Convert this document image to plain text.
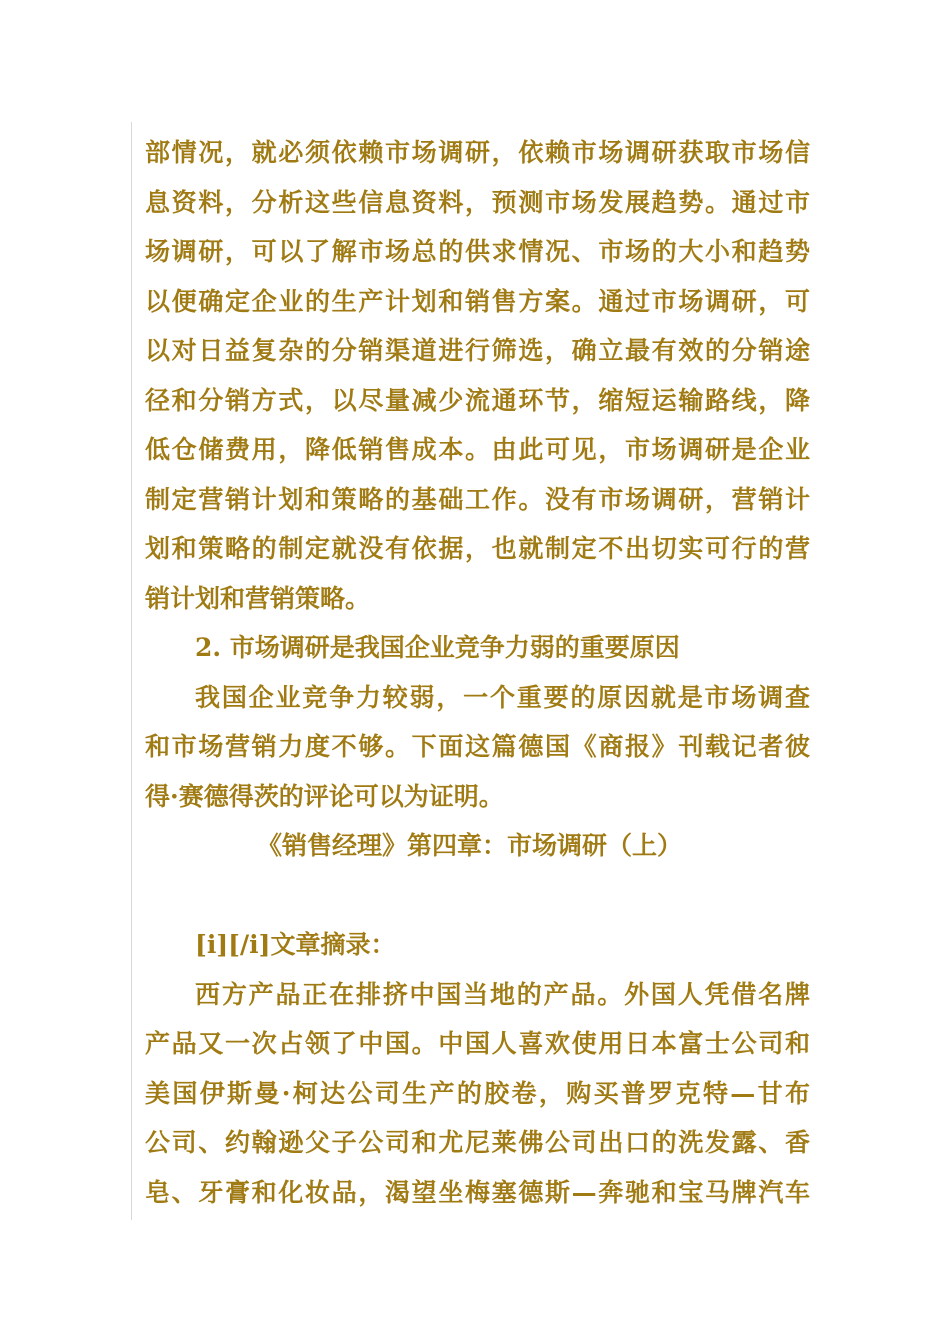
部情况，就必须依赖市场调研，依赖市场调研获取市场信
息资料，分析这些信息资料，预测市场发展趋势。通过市
场调研，可以了解市场总的供求情况、市场的大小和趋势
以便确定企业的生产计划和销售方案。通过市场调研，可
以对日益复杂的分销渠道进行筛选，确立最有效的分销途
径和分销方式，以尽量减少流通环节，缩短运输路线，降
低仓储费用，降低销售成本。由此可见，市场调研是企业
制定营销计划和策略的基础工作。没有市场调研，营销计
划和策略的制定就没有依据，也就制定不出切实可行的营
销计划和营销策略。
2. 市场调研是我国企业竞争力弱的重要原因
我国企业竞争力较弱，一个重要的原因就是市场调查
和市场营销力度不够。下面这篇德国《商报》刊载记者彼
得·赛德得茨的评论可以为证明。
《销售经理》第四章：市场调研（上）
[i][/i]文章摘录：
西方产品正在排挤中国当地的产品。外国人凭借名牌
产品又一次占领了中国。中国人喜欢使用日本富士公司和
美国伊斯曼·柯达公司生产的胶卷，购买普罗克特—甘布
公司、约翰逊父子公司和尤尼莱佛公司出口的洗发露、香
皂、牙膏和化妆品，渴望坐梅塞德斯—奔驰和宝马牌汽车
